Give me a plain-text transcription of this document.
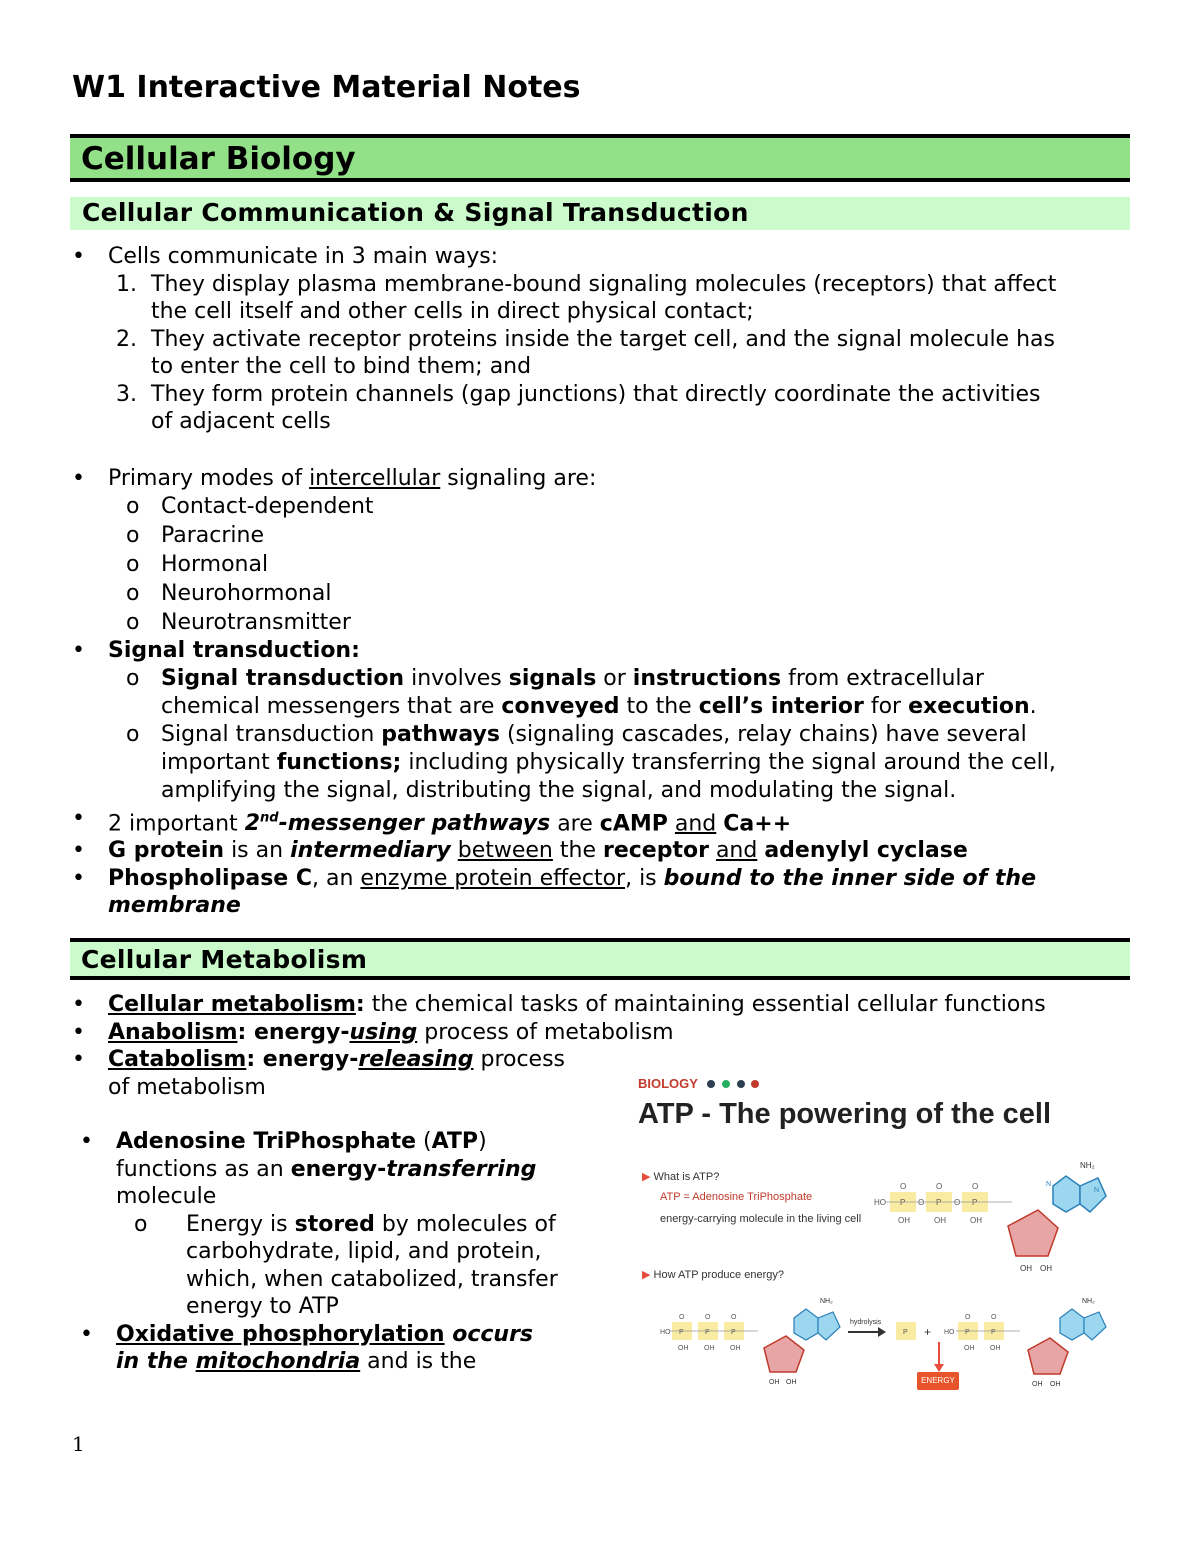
W1 Interactive Material Notes
Cellular Biology
Cellular Communication & Signal Transduction

• Cells communicate in 3 main ways:

1. They display plasma membrane-bound signaling molecules (receptors) that affect
the cell itself and other cells in direct physical contact;

2. They activate receptor proteins inside the target cell, and the signal molecule has
to enter the cell to bind them; and

3. They form protein channels (gap junctions) that directly coordinate the activities
of adjacent cells

• Primary modes of intercellular signaling are:

o Contact-dependent

o Paracrine

o Hormonal

o Neurohormonal

o Neurotransmitter

• Signal transduction:

o Signal transduction involves signals or instructions from extracellular
chemical messengers that are conveyed to the cell’s interior for execution.

o Signal transduction pathways (signaling cascades, relay chains) have several
important functions; including physically transferring the signal around the cell,
amplifying the signal, distributing the signal, and modulating the signal.

• 2 important 2nd-messenger pathways are cAMP and Ca++

• G protein is an intermediary between the receptor and adenylyl cyclase

• Phospholipase C, an enzyme protein effector, is bound to the inner side of the
membrane

Cellular Metabolism

• Cellular metabolism: the chemical tasks of maintaining essential cellular functions

• Anabolism: energy-using process of metabolism

• Catabolism: energy-releasing process
of metabolism

• Adenosine TriPhosphate (ATP)
functions as an energy-transferring
molecule

o Energy is stored by molecules of
carbohydrate, lipid, and protein,
which, when catabolized, transfer
energy to ATP

• Oxidative phosphorylation occurs
in the mitochondria and is the

BIOLOGY
ATP - The powering of the cell
▶ What is ATP?
ATP = Adenosine TriPhosphate
energy-carrying molecule in the living cell
▶ How ATP produce energy?
HO P	P	P
O	O	O
OH	OH	OH
O	O
OH OH
NH₂
N
N
HO P	P	P
O	O	O
OH OH OH
OH OH
NH₂
hydrolysis
P + HO P	P
O	O
OH OH
OH OH
NH₂
ENERGY
1
